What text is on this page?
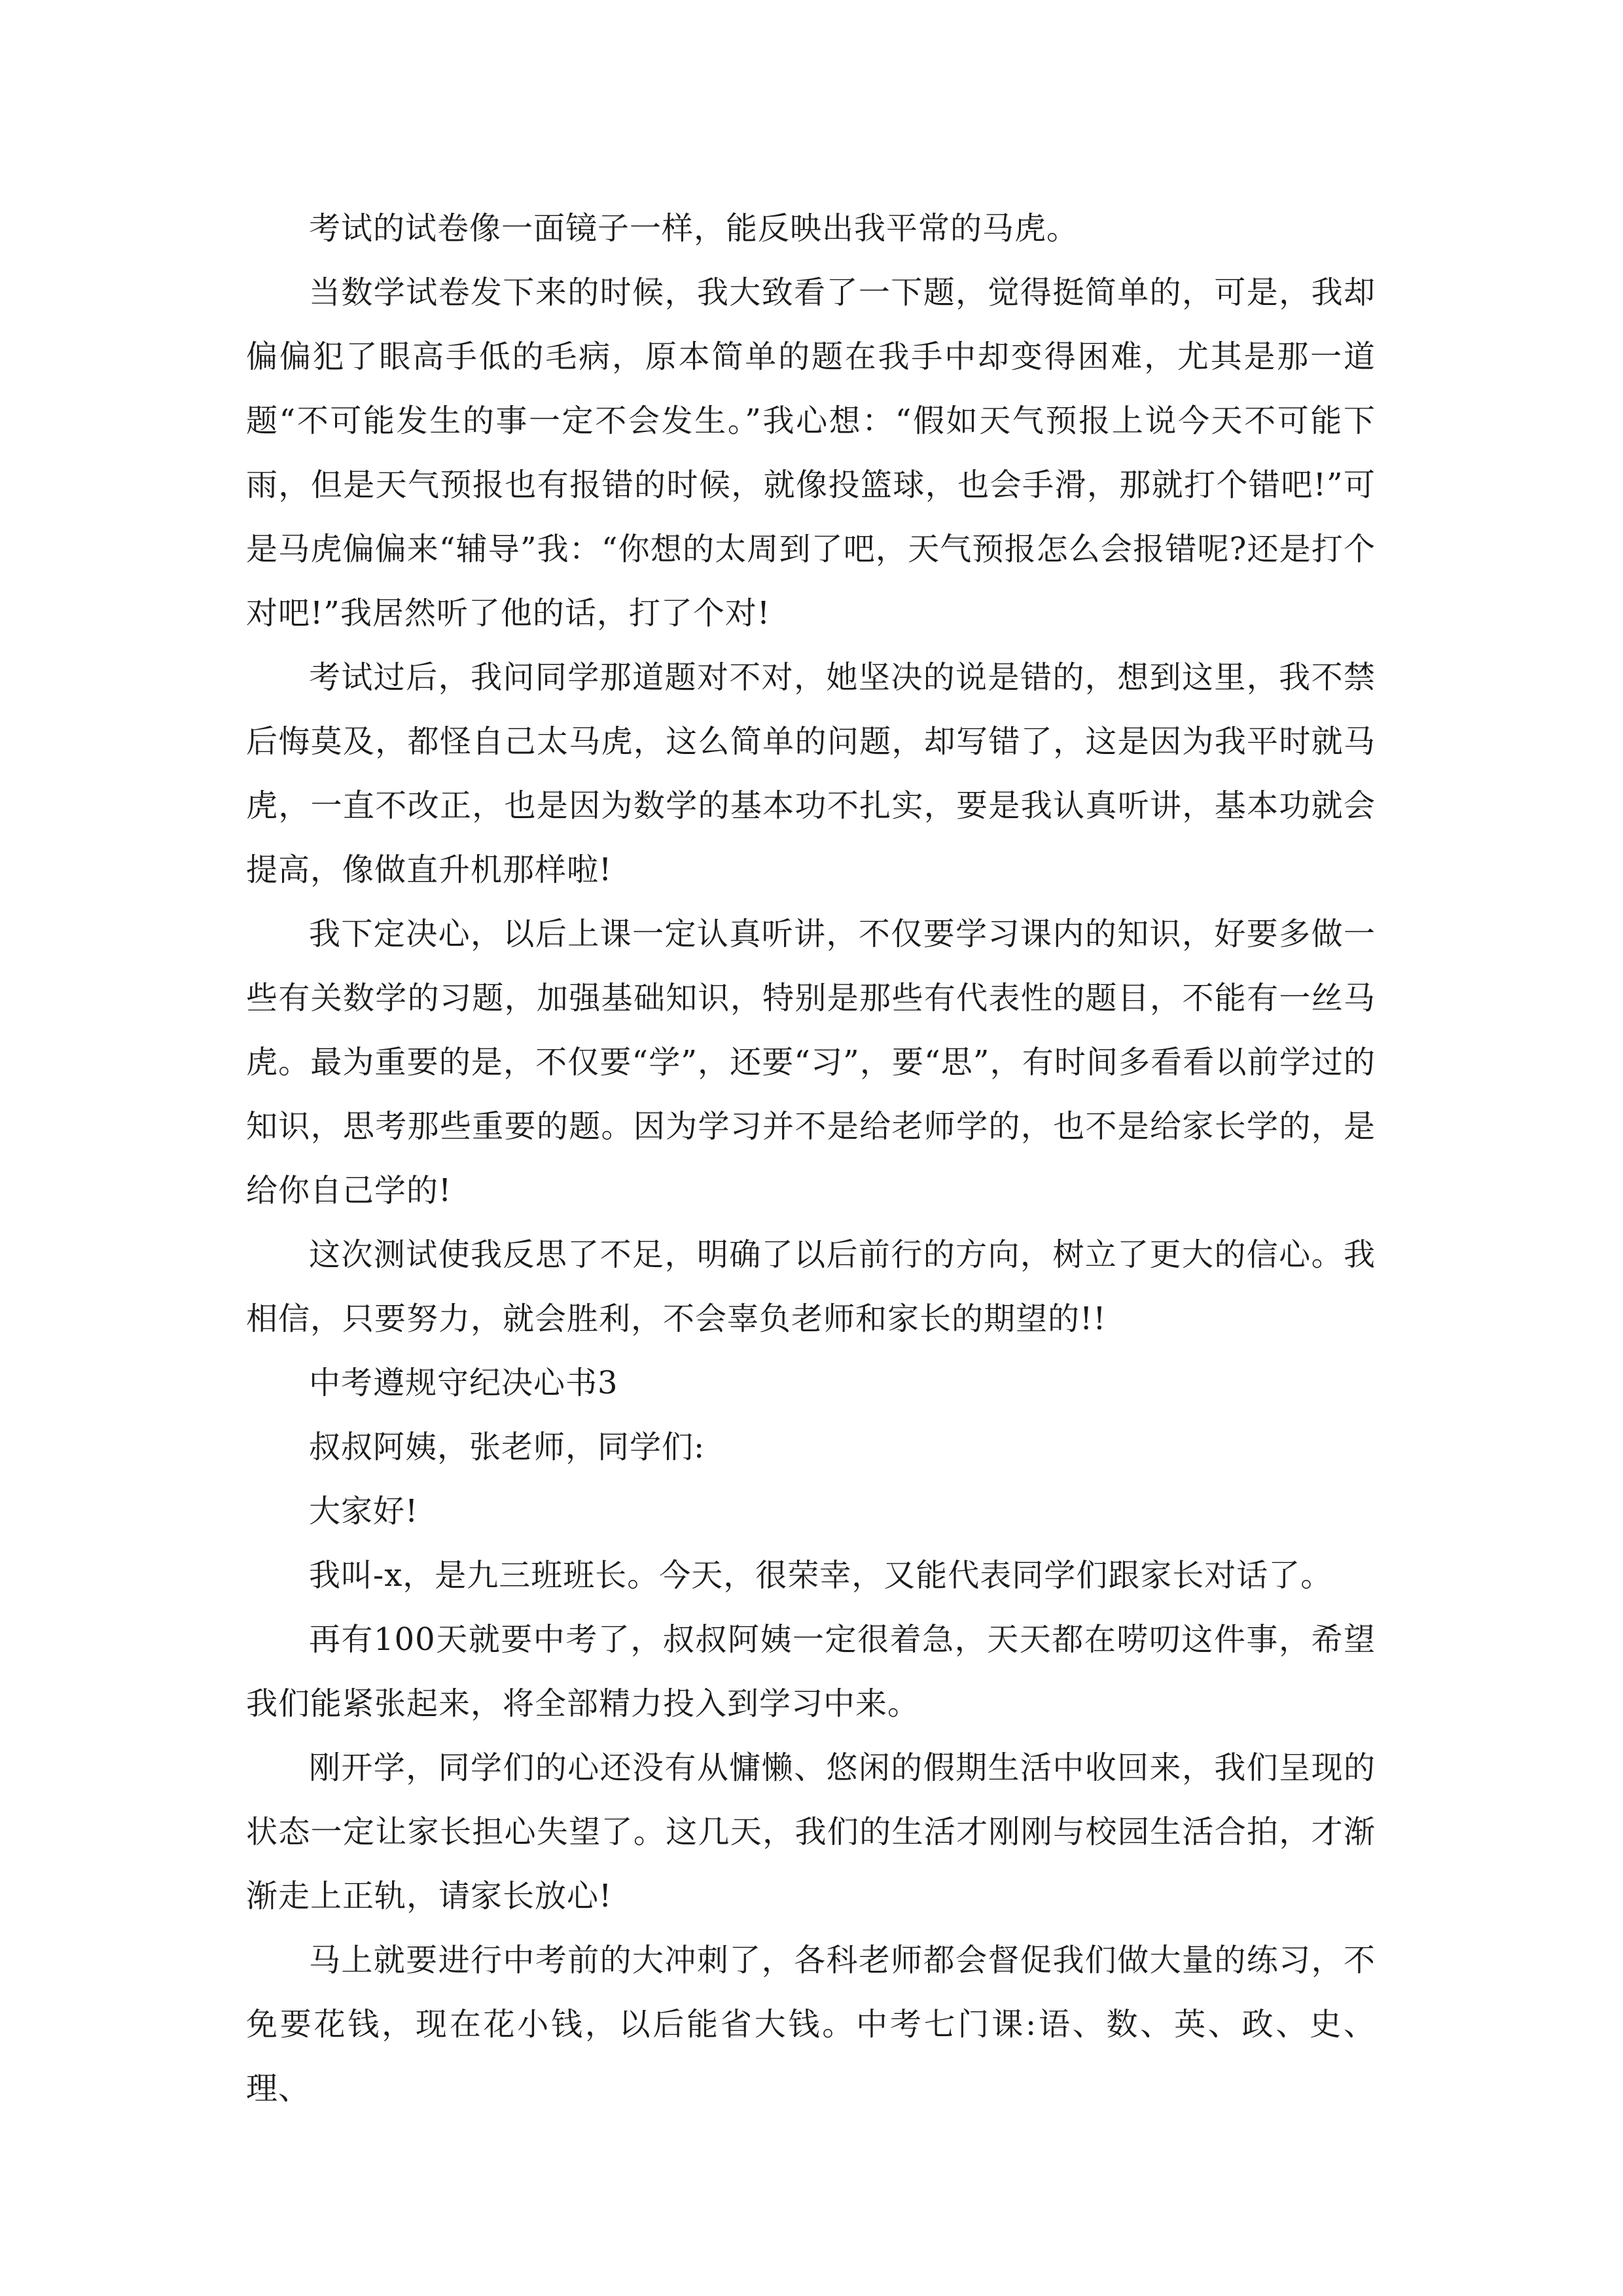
考试的试卷像一面镜子一样，能反映出我平常的马虎。

当数学试卷发下来的时候，我大致看了一下题，觉得挺简单的，可是，我却偏偏犯了眼高手低的毛病，原本简单的题在我手中却变得困难，尤其是那一道题“不可能发生的事一定不会发生。”我心想：“假如天气预报上说今天不可能下雨，但是天气预报也有报错的时候，就像投篮球，也会手滑，那就打个错吧!”可是马虎偏偏来“辅导”我：“你想的太周到了吧，天气预报怎么会报错呢?还是打个对吧!”我居然听了他的话，打了个对!

考试过后，我问同学那道题对不对，她坚决的说是错的，想到这里，我不禁后悔莫及，都怪自己太马虎，这么简单的问题，却写错了，这是因为我平时就马虎，一直不改正，也是因为数学的基本功不扎实，要是我认真听讲，基本功就会提高，像做直升机那样啦!

我下定决心，以后上课一定认真听讲，不仅要学习课内的知识，好要多做一些有关数学的习题，加强基础知识，特别是那些有代表性的题目，不能有一丝马虎。最为重要的是，不仅要“学”，还要“习”，要“思”，有时间多看看以前学过的知识，思考那些重要的题。因为学习并不是给老师学的，也不是给家长学的，是给你自己学的!

这次测试使我反思了不足，明确了以后前行的方向，树立了更大的信心。我相信，只要努力，就会胜利，不会辜负老师和家长的期望的!!

中考遵规守纪决心书3

叔叔阿姨，张老师，同学们:

大家好!

我叫-x，是九三班班长。今天，很荣幸，又能代表同学们跟家长对话了。

再有100天就要中考了，叔叔阿姨一定很着急，天天都在唠叨这件事，希望我们能紧张起来，将全部精力投入到学习中来。

刚开学，同学们的心还没有从慵懒、悠闲的假期生活中收回来，我们呈现的状态一定让家长担心失望了。这几天，我们的生活才刚刚与校园生活合拍，才渐渐走上正轨，请家长放心!

马上就要进行中考前的大冲刺了，各科老师都会督促我们做大量的练习，不免要花钱，现在花小钱，以后能省大钱。中考七门课:语、数、英、政、史、理、
